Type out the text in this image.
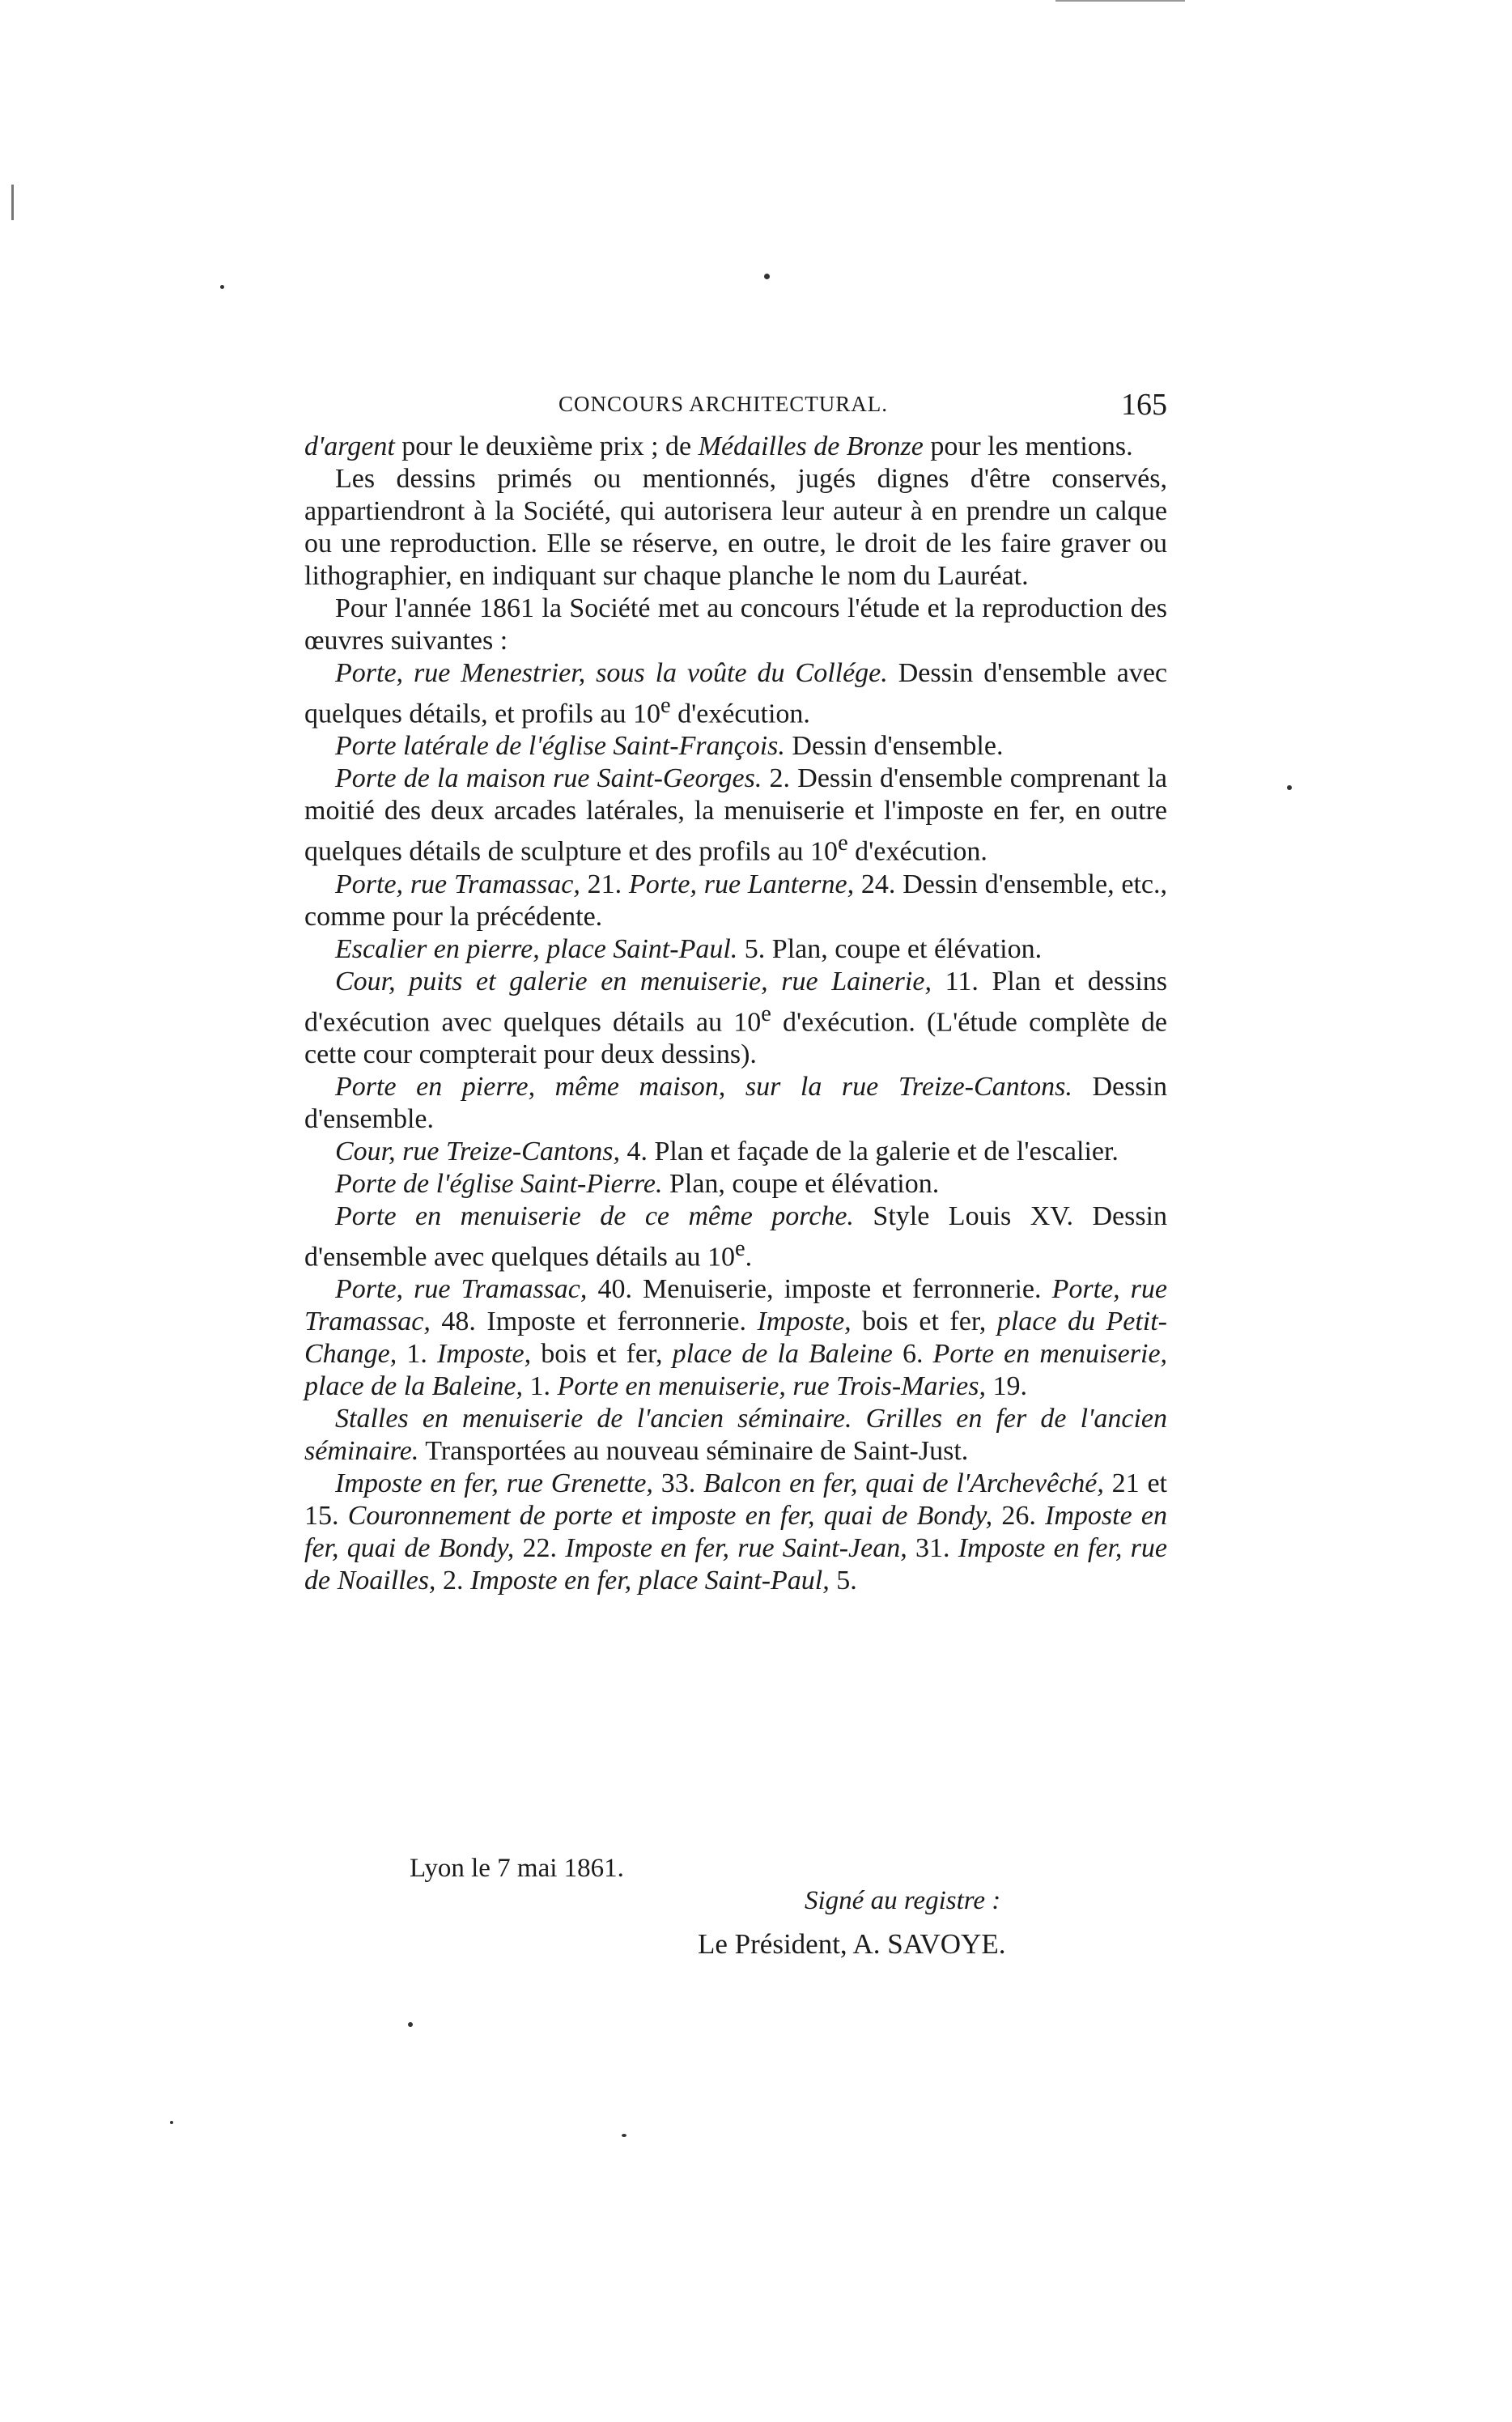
CONCOURS ARCHITECTURAL.	165

d'argent pour le deuxième prix ; de Médailles de Bronze pour les mentions.

Les dessins primés ou mentionnés, jugés dignes d'être conservés, appartiendront à la Société, qui autorisera leur auteur à en prendre un calque ou une reproduction. Elle se réserve, en outre, le droit de les faire graver ou lithographier, en indiquant sur chaque planche le nom du Lauréat.

Pour l'année 1861 la Société met au concours l'étude et la reproduction des œuvres suivantes :

Porte, rue Menestrier, sous la voûte du Collége. Dessin d'ensemble avec quelques détails, et profils au 10e d'exécution.

Porte latérale de l'église Saint-François. Dessin d'ensemble.

Porte de la maison rue Saint-Georges. 2. Dessin d'ensemble comprenant la moitié des deux arcades latérales, la menuiserie et l'imposte en fer, en outre quelques détails de sculpture et des profils au 10e d'exécution.

Porte, rue Tramassac, 21. Porte, rue Lanterne, 24. Dessin d'ensemble, etc., comme pour la précédente.

Escalier en pierre, place Saint-Paul. 5. Plan, coupe et élévation.

Cour, puits et galerie en menuiserie, rue Lainerie, 11. Plan et dessins d'exécution avec quelques détails au 10e d'exécution. (L'étude complète de cette cour compterait pour deux dessins).

Porte en pierre, même maison, sur la rue Treize-Cantons. Dessin d'ensemble.

Cour, rue Treize-Cantons, 4. Plan et façade de la galerie et de l'escalier.

Porte de l'église Saint-Pierre. Plan, coupe et élévation.

Porte en menuiserie de ce même porche. Style Louis XV. Dessin d'ensemble avec quelques détails au 10e.

Porte, rue Tramassac, 40. Menuiserie, imposte et ferronnerie. Porte, rue Tramassac, 48. Imposte et ferronnerie. Imposte, bois et fer, place du Petit-Change, 1. Imposte, bois et fer, place de la Baleine 6. Porte en menuiserie, place de la Baleine, 1. Porte en menuiserie, rue Trois-Maries, 19.

Stalles en menuiserie de l'ancien séminaire. Grilles en fer de l'ancien séminaire. Transportées au nouveau séminaire de Saint-Just.

Imposte en fer, rue Grenette, 33. Balcon en fer, quai de l'Archevêché, 21 et 15. Couronnement de porte et imposte en fer, quai de Bondy, 26. Imposte en fer, quai de Bondy, 22. Imposte en fer, rue Saint-Jean, 31. Imposte en fer, rue de Noailles, 2. Imposte en fer, place Saint-Paul, 5.

Lyon le 7 mai 1861.
Signé au registre :
Le Président, A. SAVOYE.
